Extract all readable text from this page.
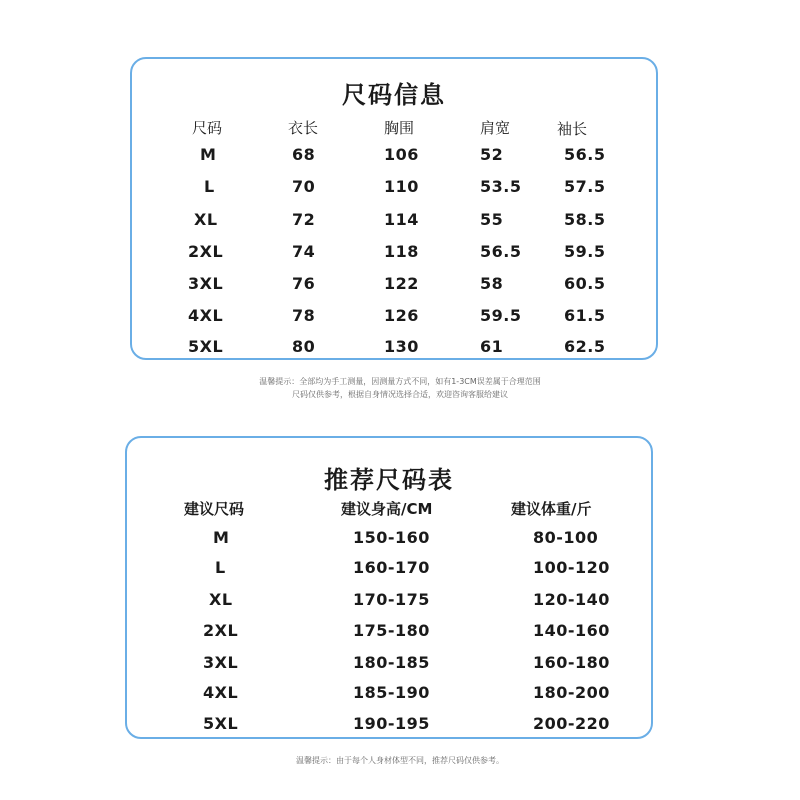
尺码信息
尺码	衣长	胸围	肩宽	袖长
M	68	106	52	56.5
L	70	110	53.5	57.5
XL	72	114	55	58.5
2XL	74	118	56.5	59.5
3XL	76	122	58	60.5
4XL	78	126	59.5	61.5
5XL	80	130	61	62.5
温馨提示：全部均为手工测量，因测量方式不同，如有1-3CM误差属于合理范围
尺码仅供参考，根据自身情况选择合适，欢迎咨询客服给建议
推荐尺码表
建议尺码	建议身高/CM	建议体重/斤
M	150-160	80-100
L	160-170	100-120
XL	170-175	120-140
2XL	175-180	140-160
3XL	180-185	160-180
4XL	185-190	180-200
5XL	190-195	200-220
温馨提示：由于每个人身材体型不同，推荐尺码仅供参考。
